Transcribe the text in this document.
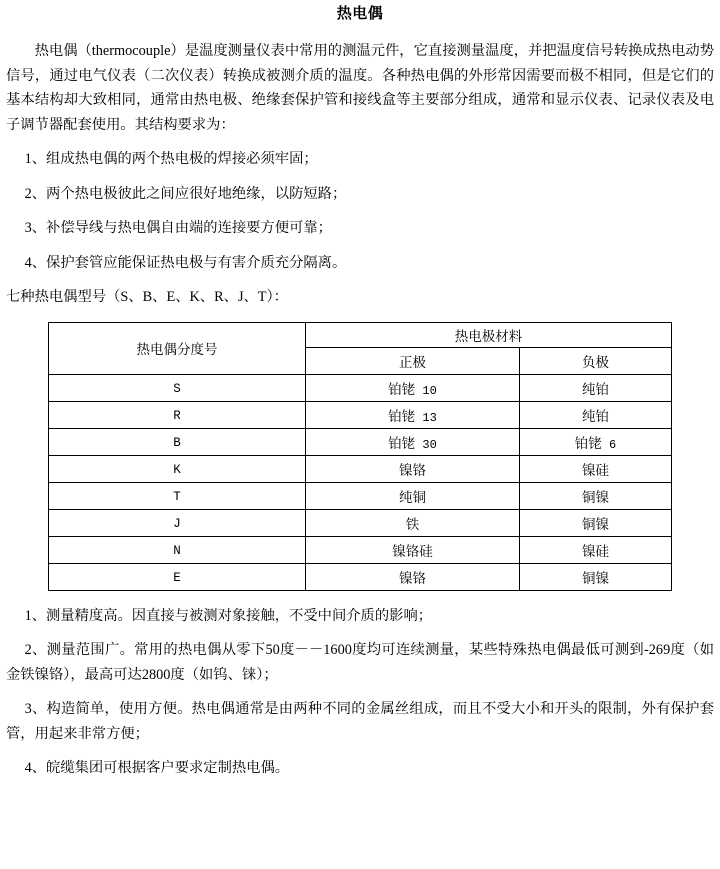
热电偶

热电偶（thermocouple）是温度测量仪表中常用的测温元件，它直接测量温度，并把温度信号转换成热电动势信号，通过电气仪表（二次仪表）转换成被测介质的温度。各种热电偶的外形常因需要而极不相同，但是它们的基本结构却大致相同，通常由热电极、绝缘套保护管和接线盒等主要部分组成，通常和显示仪表、记录仪表及电子调节器配套使用。其结构要求为：

1、组成热电偶的两个热电极的焊接必须牢固；

2、两个热电极彼此之间应很好地绝缘，以防短路；

3、补偿导线与热电偶自由端的连接要方便可靠；

4、保护套管应能保证热电极与有害介质充分隔离。

七种热电偶型号（S、B、E、K、R、J、T）：

热电偶分度号	热电极材料	
	正极	负极
S	铂铑 10	纯铂
R	铂铑 13	纯铂
B	铂铑 30	铂铑 6
K	镍铬	镍硅
T	纯铜	铜镍
J	铁	铜镍
N	镍铬硅	镍硅
E	镍铬	铜镍

1、测量精度高。因直接与被测对象接触，不受中间介质的影响；

2、测量范围广。常用的热电偶从零下50度－－1600度均可连续测量，某些特殊热电偶最低可测到-269度（如金铁镍铬），最高可达2800度（如钨、铼）；

3、构造简单，使用方便。热电偶通常是由两种不同的金属丝组成，而且不受大小和开头的限制，外有保护套管，用起来非常方便；

4、皖缆集团可根据客户要求定制热电偶。
